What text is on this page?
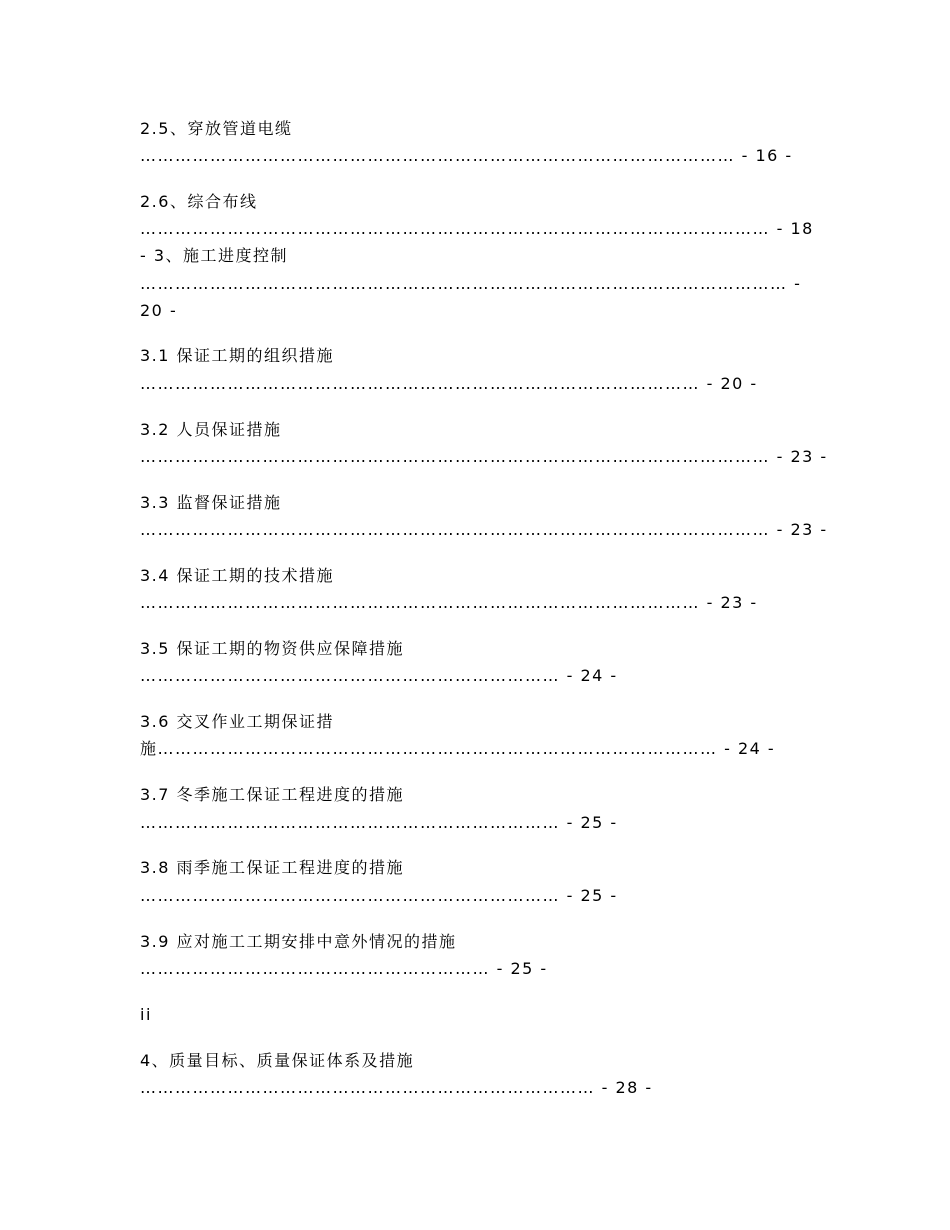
2.5、穿放管道电缆
………………………………………………………………………………………… - 16 -
2.6、综合布线
……………………………………………………………………………………………… - 18
- 3、施工进度控制
………………………………………………………………………………………………… -
20 -
3.1 保证工期的组织措施
…………………………………………………………………………………… - 20 -
3.2 人员保证措施
……………………………………………………………………………………………… - 23 -
3.3 监督保证措施
……………………………………………………………………………………………… - 23 -
3.4 保证工期的技术措施
…………………………………………………………………………………… - 23 -
3.5 保证工期的物资供应保障措施
……………………………………………………………… - 24 -
3.6 交叉作业工期保证措
施…………………………………………………………………………………… - 24 -
3.7 冬季施工保证工程进度的措施
……………………………………………………………… - 25 -
3.8 雨季施工保证工程进度的措施
……………………………………………………………… - 25 -
3.9 应对施工工期安排中意外情况的措施
…………………………………………………… - 25 -
ii
4、质量目标、质量保证体系及措施
…………………………………………………………………… - 28 -
